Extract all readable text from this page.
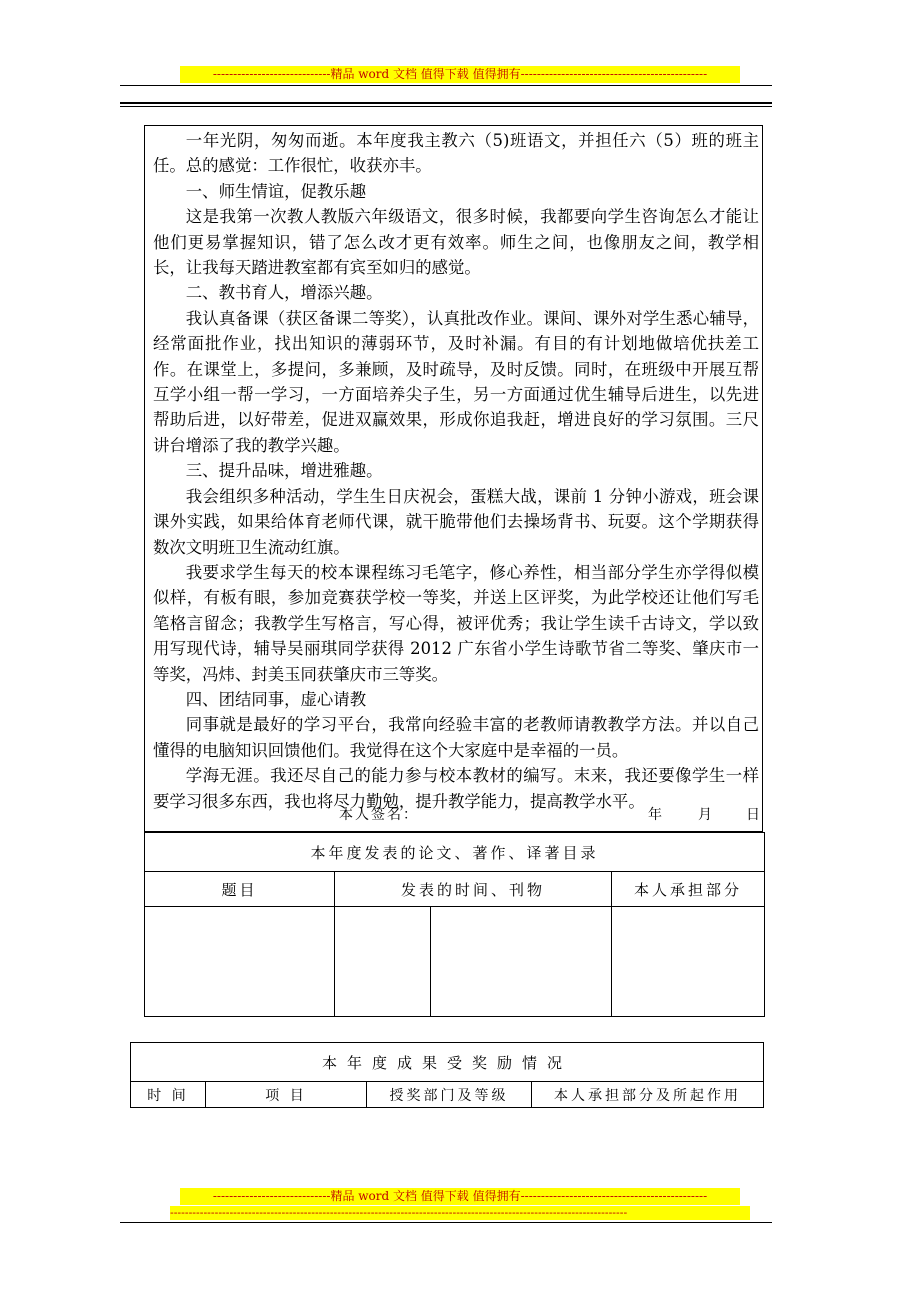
-----------------------------精品 word 文档 值得下载 值得拥有----------------------------------------------

一年光阴，匆匆而逝。本年度我主教六（5)班语文，并担任六（5）班的班主任。总的感觉：工作很忙，收获亦丰。

一、师生情谊，促教乐趣

这是我第一次教人教版六年级语文，很多时候，我都要向学生咨询怎么才能让他们更易掌握知识，错了怎么改才更有效率。师生之间，也像朋友之间，教学相长，让我每天踏进教室都有宾至如归的感觉。

二、教书育人，增添兴趣。

我认真备课（获区备课二等奖），认真批改作业。课间、课外对学生悉心辅导，经常面批作业，找出知识的薄弱环节，及时补漏。有目的有计划地做培优扶差工作。在课堂上，多提问，多兼顾，及时疏导，及时反馈。同时，在班级中开展互帮互学小组一帮一学习，一方面培养尖子生，另一方面通过优生辅导后进生，以先进帮助后进，以好带差，促进双赢效果，形成你追我赶，增进良好的学习氛围。三尺讲台增添了我的教学兴趣。

三、提升品味，增进雅趣。

我会组织多种活动，学生生日庆祝会，蛋糕大战，课前 1 分钟小游戏，班会课课外实践，如果给体育老师代课，就干脆带他们去操场背书、玩耍。这个学期获得数次文明班卫生流动红旗。

我要求学生每天的校本课程练习毛笔字，修心养性，相当部分学生亦学得似模似样，有板有眼，参加竞赛获学校一等奖，并送上区评奖，为此学校还让他们写毛笔格言留念；我教学生写格言，写心得，被评优秀；我让学生读千古诗文，学以致用写现代诗，辅导吴丽琪同学获得 2012 广东省小学生诗歌节省二等奖、肇庆市一等奖，冯炜、封美玉同获肇庆市三等奖。

四、团结同事，虚心请教

同事就是最好的学习平台，我常向经验丰富的老教师请教教学方法。并以自己懂得的电脑知识回馈他们。我觉得在这个大家庭中是幸福的一员。

学海无涯。我还尽自己的能力参与校本教材的编写。末来，我还要像学生一样要学习很多东西，我也将尽力勤勉，提升教学能力，提高教学水平。

本人签名：	年 月 日
本年度发表的论文、著作、译著目录			
题目	发表的时间、刊物		本人承担部分

本年度成果受奖励情况
时 间	项 目	授奖部门及等级	本人承担部分及所起作用
-----------------------------精品 word 文档 值得下载 值得拥有----------------------------------------------
---------------------------------------------------------------------------------------------------------------------------
